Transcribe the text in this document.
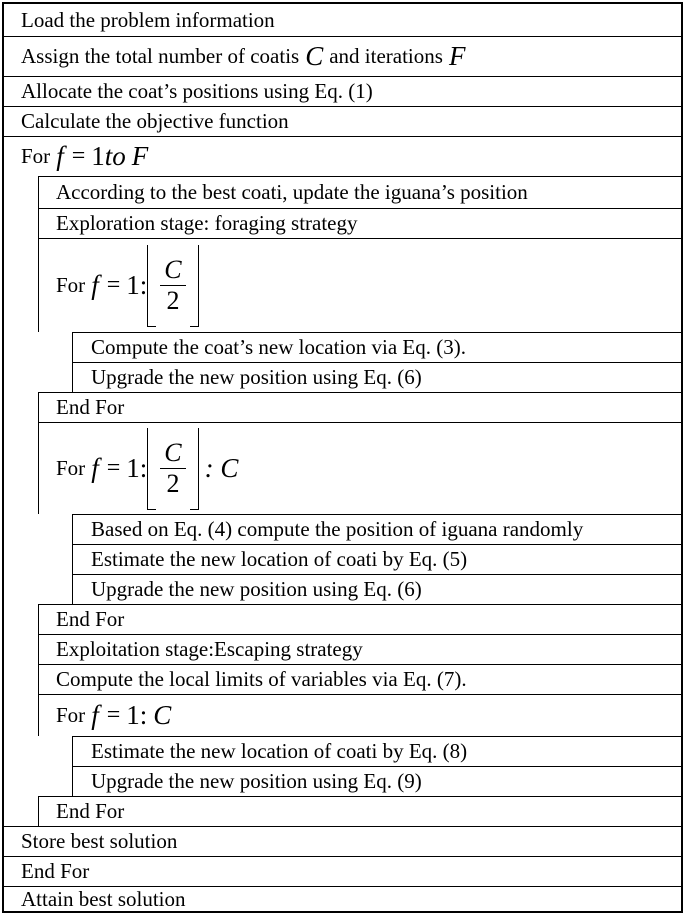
Load the problem information
Assign the total number of coatis C and iterations F
Allocate the coat’s positions using Eq. (1)
Calculate the objective function
For f = 1 to F
According to the best coati, update the iguana’s position
Exploration stage: foraging strategy
For f = 1: $\frac{C}{2}$
Compute the coat’s new location via Eq. (3).
Upgrade the new position using Eq. (6)
End For
For f = 1: $\frac{C}{2}$ : C
Based on Eq. (4) compute the position of iguana randomly
Estimate the new location of coati by Eq. (5)
Upgrade the new position using Eq. (6)
End For
Exploitation stage:Escaping strategy
Compute the local limits of variables via Eq. (7).
For f = 1: C
Estimate the new location of coati by Eq. (8)
Upgrade the new position using Eq. (9)
End For
Store best solution
End For
Attain best solution
